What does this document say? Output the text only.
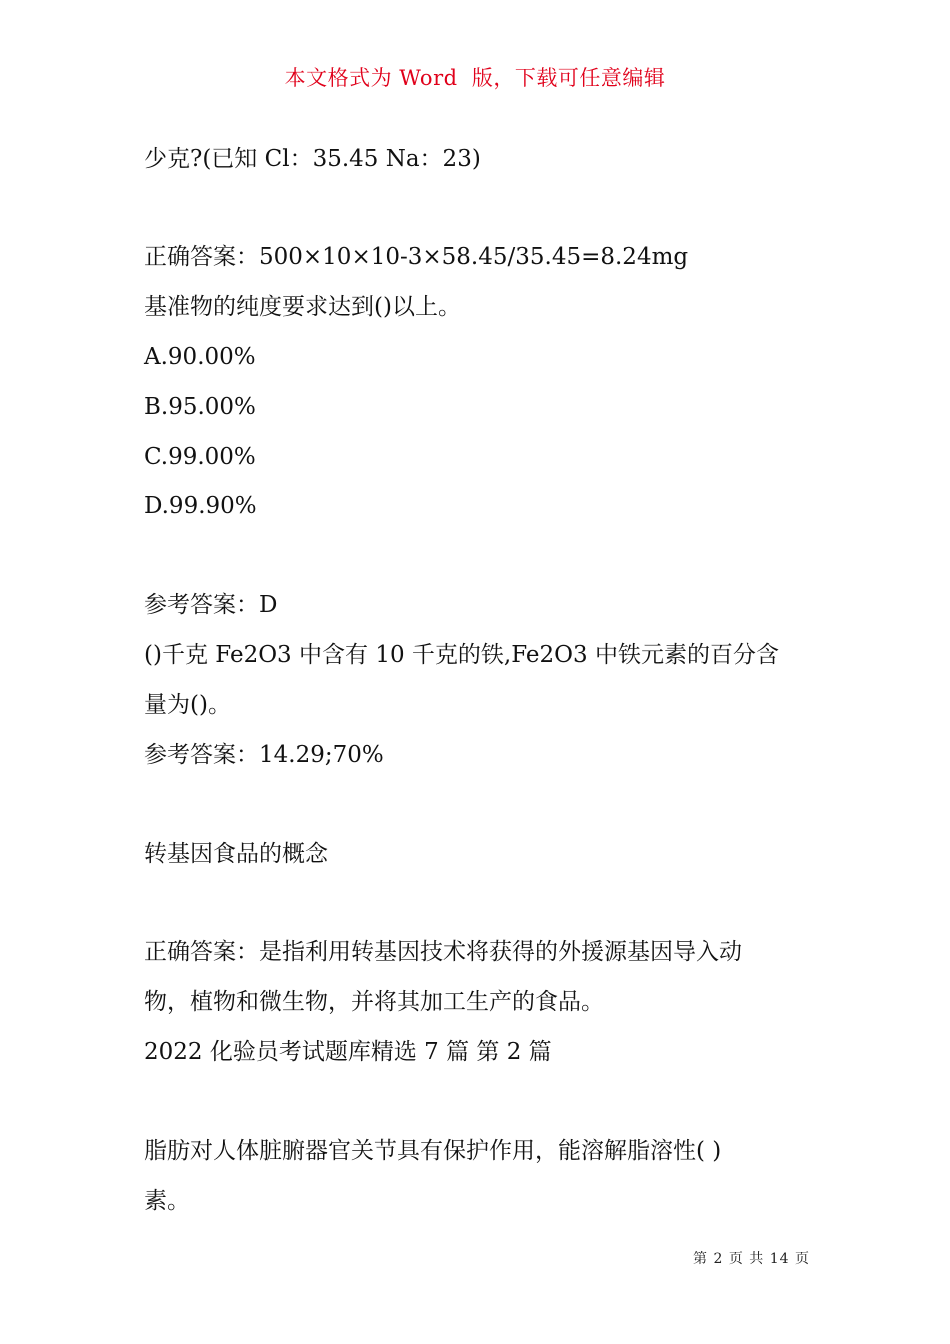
本文格式为 Word  版，下载可任意编辑
少克?(已知 Cl：35.45 Na：23)
正确答案：500×10×10-3×58.45/35.45=8.24mg
基准物的纯度要求达到()以上。
A.90.00%
B.95.00%
C.99.00%
D.99.90%
参考答案：D
()千克 Fe2O3 中含有 10 千克的铁,Fe2O3 中铁元素的百分含
量为()。
参考答案：14.29;70%
转基因食品的概念
正确答案：是指利用转基因技术将获得的外援源基因导入动
物，植物和微生物，并将其加工生产的食品。
2022 化验员考试题库精选 7 篇 第 2 篇
脂肪对人体脏腑器官关节具有保护作用，能溶解脂溶性( )
素。
第 2 页 共 14 页
